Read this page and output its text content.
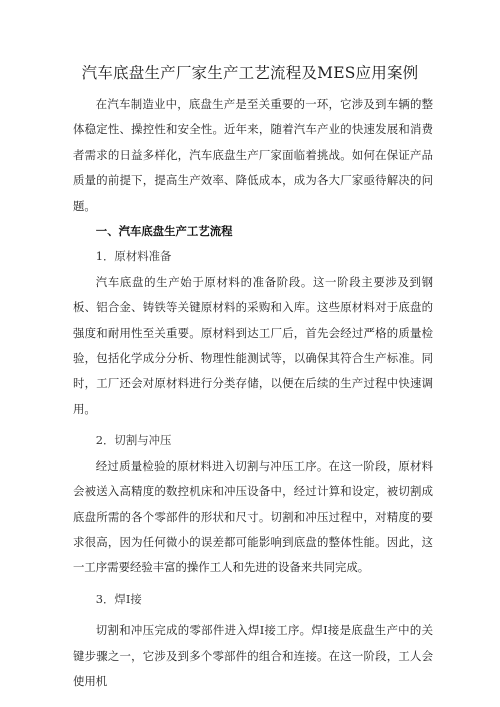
汽车底盘生产厂家生产工艺流程及MES应用案例

在汽车制造业中，底盘生产是至关重要的一环，它涉及到车辆的整体稳定性、操控性和安全性。近年来，随着汽车产业的快速发展和消费者需求的日益多样化，汽车底盘生产厂家面临着挑战。如何在保证产品质量的前提下，提高生产效率、降低成本，成为各大厂家亟待解决的问题。

一、汽车底盘生产工艺流程

1．原材料准备

汽车底盘的生产始于原材料的准备阶段。这一阶段主要涉及到钢板、铝合金、铸铁等关键原材料的采购和入库。这些原材料对于底盘的强度和耐用性至关重要。原材料到达工厂后，首先会经过严格的质量检验，包括化学成分分析、物理性能测试等，以确保其符合生产标准。同时，工厂还会对原材料进行分类存储，以便在后续的生产过程中快速调用。

2．切割与冲压

经过质量检验的原材料进入切割与冲压工序。在这一阶段，原材料会被送入高精度的数控机床和冲压设备中，经过计算和设定，被切割成底盘所需的各个零部件的形状和尺寸。切割和冲压过程中，对精度的要求很高，因为任何微小的误差都可能影响到底盘的整体性能。因此，这一工序需要经验丰富的操作工人和先进的设备来共同完成。

3．焊I接

切割和冲压完成的零部件进入焊I接工序。焊I接是底盘生产中的关键步骤之一，它涉及到多个零部件的组合和连接。在这一阶段，工人会使用机
